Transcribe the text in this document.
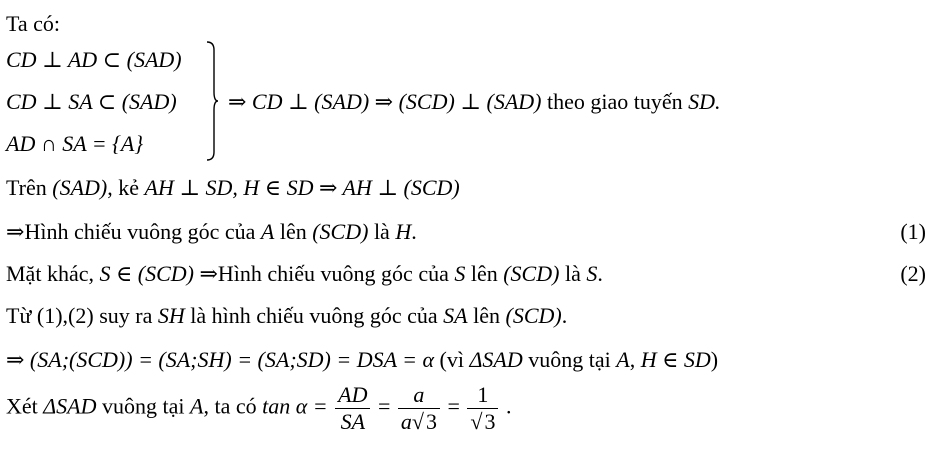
Ta có:
CD ⊥ AD ⊂ (SAD)
CD ⊥ SA ⊂ (SAD)
AD ∩ SA = {A}
⇒ CD ⊥ (SAD) ⇒ (SCD) ⊥ (SAD) theo giao tuyến SD.
Trên (SAD), kẻ AH ⊥ SD, H ∈ SD ⇒ AH ⊥ (SCD)
⇒Hình chiếu vuông góc của A lên (SCD) là H.	(1)
Mặt khác, S ∈ (SCD) ⇒Hình chiếu vuông góc của S lên (SCD) là S.	(2)
Từ (1),(2) suy ra SH là hình chiếu vuông góc của SA lên (SCD).
⇒ (SA;(SCD)) = (SA;SH) = (SA;SD) = DSA = α (vì ΔSAD vuông tại A, H ∈ SD)
Xét ΔSAD vuông tại A, ta có $\tan \alpha = \frac{AD}{SA} = \frac{a}{a√3} = \frac{1}{√3}$ .
